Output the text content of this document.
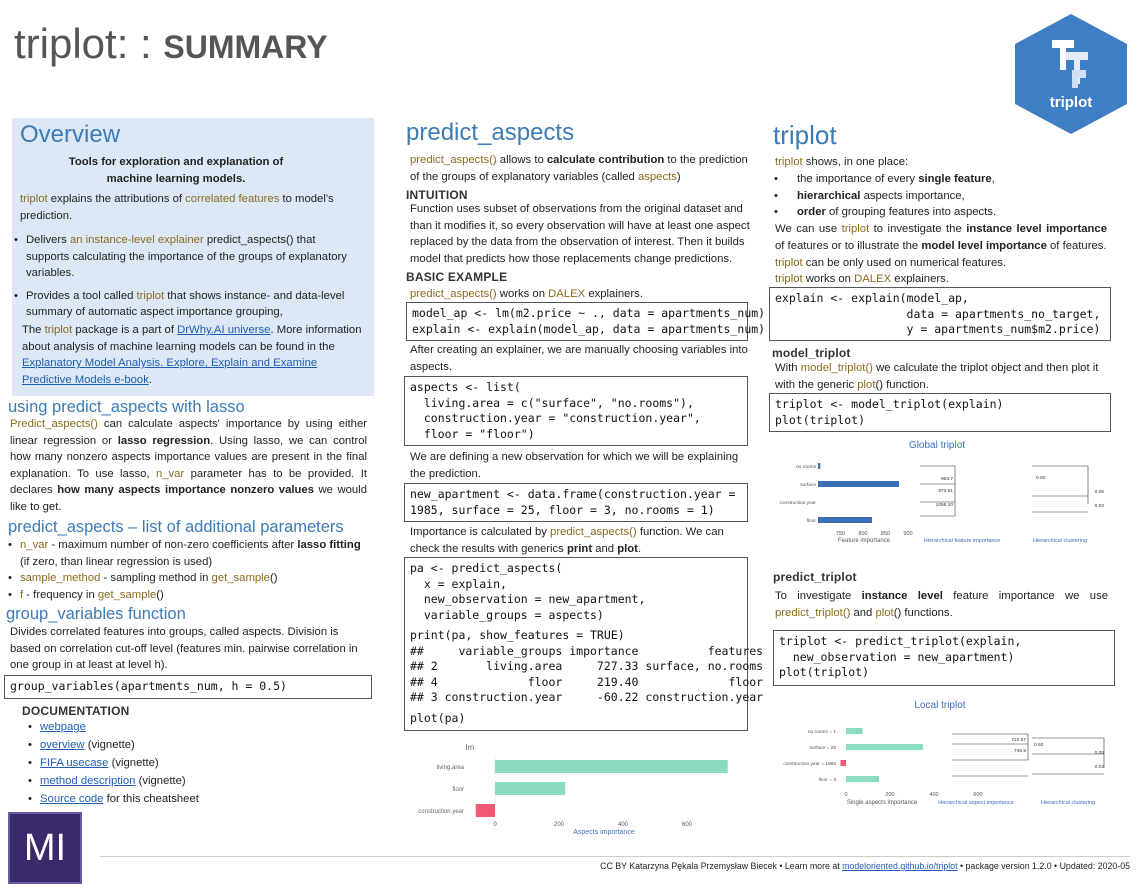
triplot: : SUMMARY
triplot
Overview
Tools for exploration and explanation of
machine learning models.
triplot explains the attributions of correlated features to model's prediction.
• Delivers an instance-level explainer predict_aspects() that supports calculating the importance of the groups of explanatory variables.
• Provides a tool called triplot that shows instance- and data-level summary of automatic aspect importance grouping,
The triplot package is a part of DrWhy.AI universe. More information about analysis of machine learning models can be found in the Explanatory Model Analysis. Explore, Explain and Examine Predictive Models e-book.
using predict_aspects with lasso
Predict_aspects() can calculate aspects' importance by using either linear regression or lasso regression. Using lasso, we can control how many nonzero aspects importance values are present in the final explanation. To use lasso, n_var parameter has to be provided. It declares how many aspects importance nonzero values we would like to get.
predict_aspects – list of additional parameters
• n_var - maximum number of non-zero coefficients after lasso fitting (if zero, than linear regression is used)
• sample_method - sampling method in get_sample()
• f - frequency in get_sample()
group_variables function
Divides correlated features into groups, called aspects. Division is based on correlation cut-off level (features min. pairwise correlation in one group in at least at level h).
group_variables(apartments_num, h = 0.5)
DOCUMENTATION
• webpage
• overview (vignette)
• FIFA usecase (vignette)
• method description (vignette)
• Source code for this cheatsheet
MI
predict_aspects
predict_aspects() allows to calculate contribution to the prediction of the groups of explanatory variables (called aspects)
INTUITION
Function uses subset of observations from the original dataset and than it modifies it, so every observation will have at least one aspect replaced by the data from the observation of interest. Then it builds model that predicts how those replacements change predictions.
BASIC EXAMPLE
predict_aspects() works on DALEX explainers.
model_ap <- lm(m2.price ~ ., data = apartments_num)
explain <- explain(model_ap, data = apartments_num)
After creating an explainer, we are manually choosing variables into aspects.
aspects <- list(
living.area = c("surface", "no.rooms"),
construction.year = "construction.year",
floor = "floor")
We are defining a new observation for which we will be explaining the prediction.
new_apartment <- data.frame(construction.year =
1985, surface = 25, floor = 3, no.rooms = 1)
Importance is calculated by predict_aspects() function. We can check the results with generics print and plot.
pa <- predict_aspects(
x = explain,
new_observation = new_apartment,
variable_groups = aspects)
print(pa, show_features = TRUE)
##     variable_groups importance          features
## 2       living.area     727.33 surface, no.rooms
## 4             floor     219.40             floor
## 3 construction.year     -60.22 construction.year
plot(pa)
lm
living.area
floor
construction.year
0	200	400	600
Aspects importance
triplot
triplot shows, in one place:
• the importance of every single feature,
• hierarchical aspects importance,
• order of grouping features into aspects.
We can use triplot to investigate the instance level importance of features or to illustrate the model level importance of features.
triplot can be only used on numerical features.
triplot works on DALEX explainers.
explain <- explain(model_ap,
data = apartments_no_target,
y = apartments_num$m2.price)
model_triplot
With model_triplot() we calculate the triplot object and then plot it with the generic plot() function.
triplot <- model_triplot(explain)
plot(triplot)
Global triplot
no.rooms
surface
construction.year
floor
750 800 850 900
Feature importance
963.7
973.61
1056.10
0.92
0.05
0.02
Hierarchical feature importance	Hierarchical clustering
predict_triplot
To investigate instance level feature importance we use predict_triplot() and plot() functions.
triplot <- predict_triplot(explain,
new_observation = new_apartment)
plot(triplot)
Local triplot
no.rooms = 1
surface = 25
construction.year = 1985
floor = 3
0	200	400	600
Single aspects importance
722.57
746.9
0.92
0.05
0.02
Hierarchical aspect importance	Hierarchical clustering
CC BY Katarzyna Pękala Przemysław Biecek • Learn more at modeloriented.github.io/triplot • package version 1.2.0 • Updated: 2020-05
